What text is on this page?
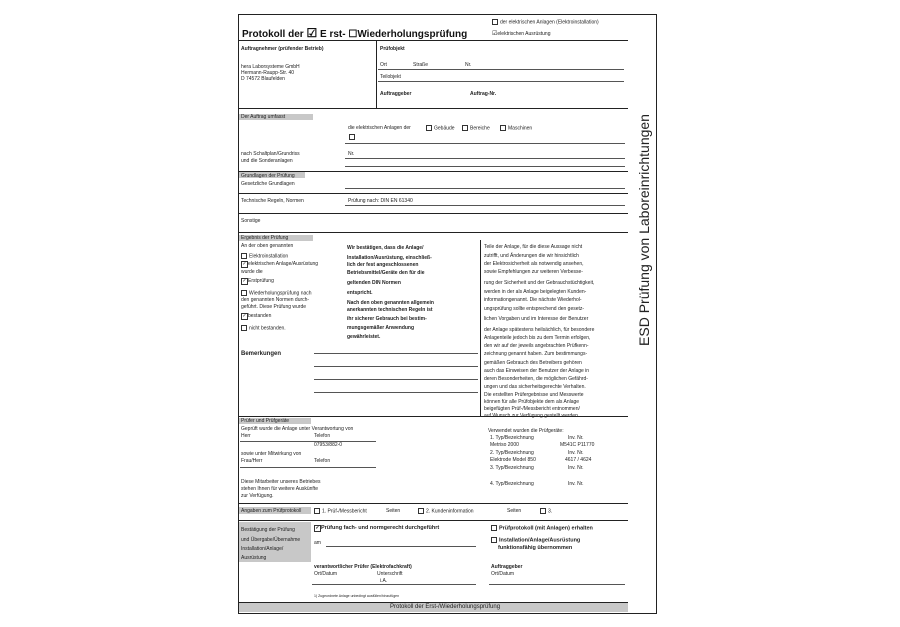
ESD Prüfung von Laboreinrichtungen
Protokoll der ☑ E rst- ☐Wiederholungsprüfung
der elektrischen Anlagen (Elektroinstallation)
☑elektrischen Ausrüstung
Auftragnehmer (prüfender Betrieb)
hera Laborsysteme GmbH
Hermann-Raupp-Str. 40
D 74572 Blaufelden
Prüfobjekt
Ort	Straße	Nr.
Teilobjekt
Auftraggeber	Auftrag-Nr.
Der Auftrag umfasst
die elektrischen Anlagen der	Gebäude	Bereiche	Maschinen
nach Schaltplan/Grundriss
und die Sonderanlagen
Nr.
Grundlagen der Prüfung
Gesetzliche Grundlagen
Technische Regeln, Normen	Prüfung nach: DIN EN 61340
Sonstige
Ergebnis der Prüfung
An der oben genannten
Elektroinstallation
✓elektrischen Anlage/Ausrüstung
wurde die
✓Erstprüfung
Wiederholungsprüfung nach
den genannten Normen durch-
geführt. Diese Prüfung wurde
✓bestanden
nicht bestanden.
Wir bestätigen, dass die Anlage/
Installation/Ausrüstung, einschließ-
lich der fest angeschlossenen
Betriebsmittel/Geräte den für die
geltenden DIN Normen
entspricht.
Nach den oben genannten allgemein
anerkannten technischen Regeln ist
ihr sicherer Gebrauch bei bestim-
mungsgemäßer Anwendung
gewährleistet.
Teile der Anlage, für die diese Aussage nicht
zutrifft, und Änderungen die wir hinsichtlich
der Elektrosicherheit als notwendig ansehen,
sowie Empfehlungen zur weiteren Verbesse-
rung der Sicherheit und der Gebrauchstüchtigkeit,
werden in der als Anlage beigelegten Kunden-
informationgenannt. Die nächste Wiederhol-
ungsprüfung sollte entsprechend den gesetz-
lichen Vorgaben und im Interesse der Benutzer
der Anlage spätestens heilsächlich, für besondere
Anlagenteile jedoch bis zu dem Termin erfolgen,
den wir auf der jeweils angebrachten Prüfkenn-
zeichnung genannt haben. Zum bestimmungs-
gemäßen Gebrauch des Betreibers gehören
auch das Einweisen der Benutzer der Anlage in
deren Besonderheiten, die möglichen Gefährd-
ungen und das sicherheitsgerechte Verhalten.
Die erstellten Prüfergebnisse und Messwerte
können für alle Prüfobjekte dem als Anlage
beigefügten Prüf-/Messbericht entnommen/
auf Wunsch zur Verfügung gestellt werden.
Bemerkungen
Prüfer und Prüfgeräte
Geprüft wurde die Anlage unter Verantwortung von
Herr	Telefon
07953/882-0
sowie unter Mitwirkung von
Frau/Herr	Telefon
Diese Mitarbeiter unseres Betriebes
stehen Ihnen für weitere Auskünfte
zur Verfügung.
Verwendet wurden die Prüfgeräte:
1. Typ/Bezeichnung	Inv. Nr.
Metriso 2000	M541C P11770
2. Typ/Bezeichnung	Inv. Nr.
Elektrode Model 850	4617 / 4624
3. Typ/Bezeichnung	Inv. Nr.
4. Typ/Bezeichnung	Inv. Nr.
Angaben zum Prüfprotokoll	1. Prüf-/Messbericht	Seiten	2. Kundeninformation	Seiten	3.
Bestätigung der Prüfung
und Übergabe/Übernahme
Installation/Anlage/
Ausrüstung
✓Prüfung fach- und normgerecht durchgeführt
am
Prüfprotokoll (mit Anlagen) erhalten
Installation/Anlage/Ausrüstung
funktionsfähig übernommen
verantwortlicher Prüfer (Elektrofachkraft)
Ort/Datum	Unterschrift
i.A.
Auftraggeber
Ort/Datum
1) Zugeordnete Anlage unbedingt ausfüllen/hinzufügen
Protokoll der Erst-/Wiederholungsprüfung
